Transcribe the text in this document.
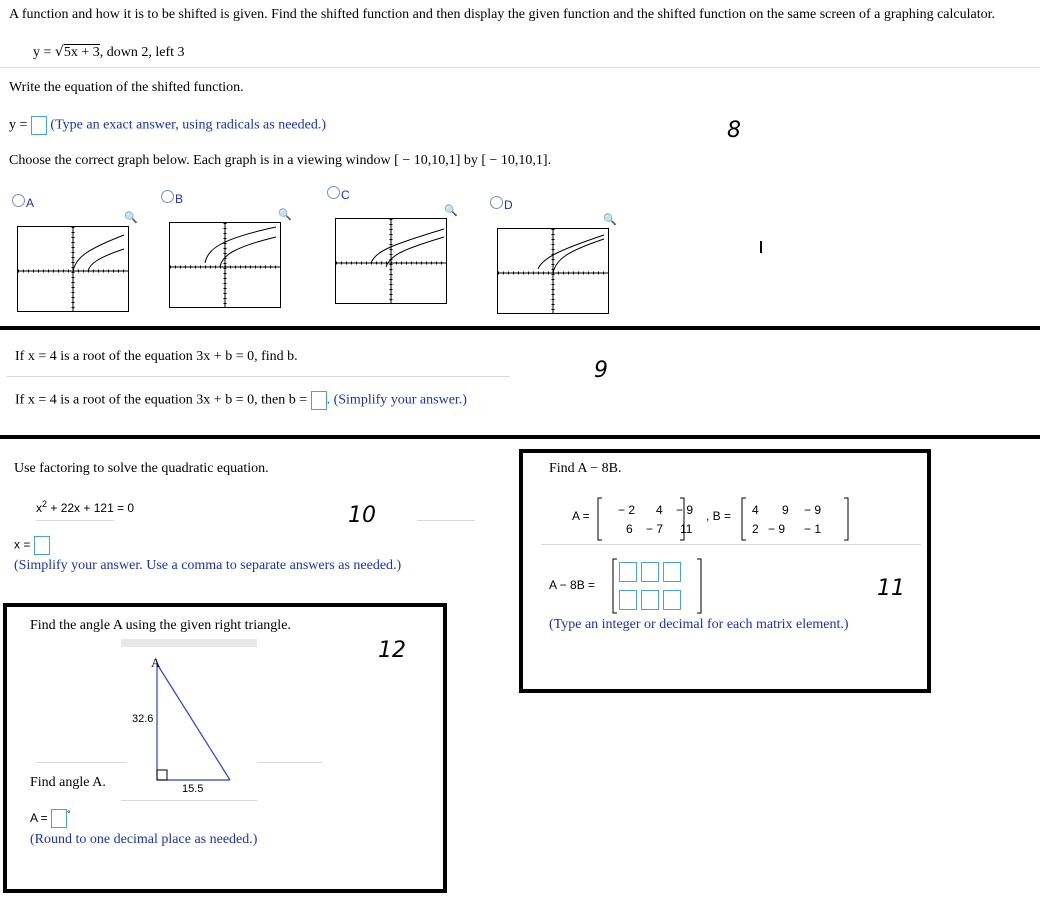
A function and how it is to be shifted is given. Find the shifted function and then display the given function and the shifted function on the same screen of a graphing calculator.
y = √5x + 3, down 2, left 3
Write the equation of the shifted function.
y = (Type an exact answer, using radicals as needed.)	8
Choose the correct graph below. Each graph is in a viewing window [ − 10,10,1] by [ − 10,10,1].
A	B	C
D
🔍	🔍	🔍
🔍
If x = 4 is a root of the equation 3x + b = 0, find b.
9
If x = 4 is a root of the equation 3x + b = 0, then b = . (Simplify your answer.)
Use factoring to solve the quadratic equation.
$x^2 + 22x + 121 = 0$	10
x =
(Simplify your answer. Use a comma to separate answers as needed.)
Find A − 8B.
A = − 2 4 − 9
6 − 7 11
, B = 4 9 − 9
2 − 9 − 1
A − 8B =	11
(Type an integer or decimal for each matrix element.)
Find the angle A using the given right triangle.
12
A
32.6
15.5
Find angle A.
A = °
(Round to one decimal place as needed.)
